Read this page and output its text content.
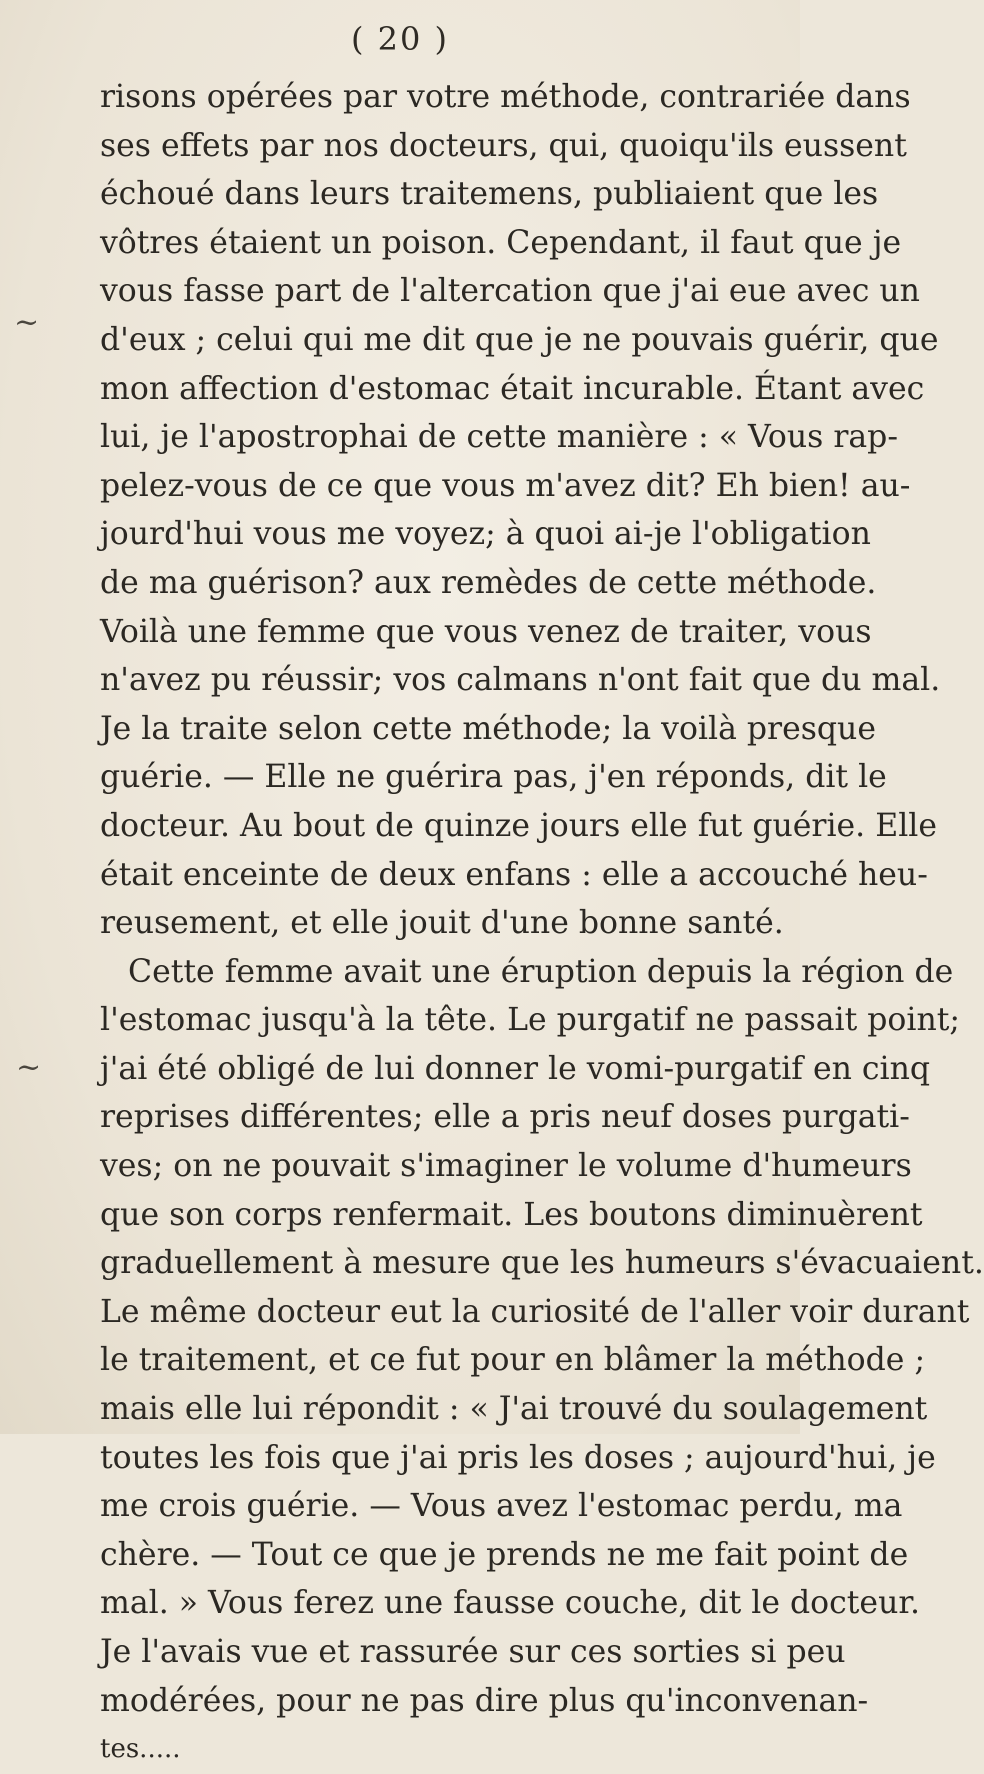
( 20 )
~
~
risons opérées par votre méthode, contrariée dans
ses effets par nos docteurs, qui, quoiqu'ils eussent
échoué dans leurs traitemens, publiaient que les
vôtres étaient un poison. Cependant, il faut que je
vous fasse part de l'altercation que j'ai eue avec un
d'eux ; celui qui me dit que je ne pouvais guérir, que
mon affection d'estomac était incurable. Étant avec
lui, je l'apostrophai de cette manière : « Vous rap-
pelez-vous de ce que vous m'avez dit? Eh bien! au-
jourd'hui vous me voyez; à quoi ai-je l'obligation
de ma guérison? aux remèdes de cette méthode.
Voilà une femme que vous venez de traiter, vous
n'avez pu réussir; vos calmans n'ont fait que du mal.
Je la traite selon cette méthode; la voilà presque
guérie. — Elle ne guérira pas, j'en réponds, dit le
docteur. Au bout de quinze jours elle fut guérie. Elle
était enceinte de deux enfans : elle a accouché heu-
reusement, et elle jouit d'une bonne santé.
Cette femme avait une éruption depuis la région de
l'estomac jusqu'à la tête. Le purgatif ne passait point;
j'ai été obligé de lui donner le vomi-purgatif en cinq
reprises différentes; elle a pris neuf doses purgati-
ves; on ne pouvait s'imaginer le volume d'humeurs
que son corps renfermait. Les boutons diminuèrent
graduellement à mesure que les humeurs s'évacuaient.
Le même docteur eut la curiosité de l'aller voir durant
le traitement, et ce fut pour en blâmer la méthode ;
mais elle lui répondit : « J'ai trouvé du soulagement
toutes les fois que j'ai pris les doses ; aujourd'hui, je
me crois guérie. — Vous avez l'estomac perdu, ma
chère. — Tout ce que je prends ne me fait point de
mal. » Vous ferez une fausse couche, dit le docteur.
Je l'avais vue et rassurée sur ces sorties si peu
modérées, pour ne pas dire plus qu'inconvenan-
tes.....
